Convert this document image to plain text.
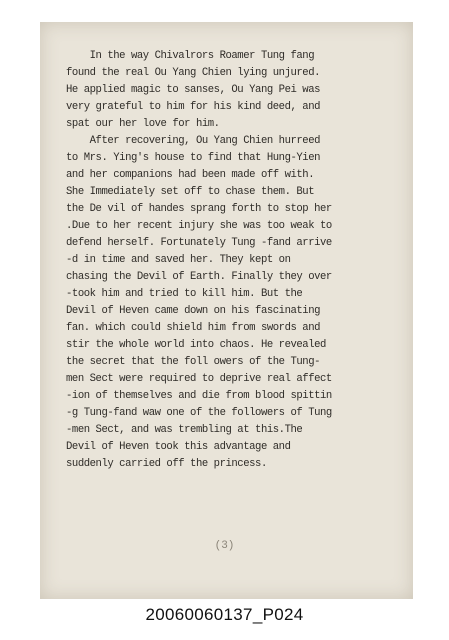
In the way Chivalrors Roamer Tung fang
found the real Ou Yang Chien lying unjured.
He applied magic to sanses, Ou Yang Pei was
very grateful to him for his kind deed, and
spat our her love for him.
After recovering, Ou Yang Chien hurreed
to Mrs. Ying's house to find that Hung-Yien
and her companions had been made off with.
She Immediately set off to chase them. But
the De vil of handes sprang forth to stop her
.Due to her recent injury she was too weak to
defend herself. Fortunately Tung -fand arrive
-d in time and saved her. They kept on
chasing the Devil of Earth. Finally they over
-took him and tried to kill him. But the
Devil of Heven came down on his fascinating
fan. which could shield him from swords and
stir the whole world into chaos. He revealed
the secret that the foll owers of the Tung-
men Sect were required to deprive real affect
-ion of themselves and die from blood spittin
-g Tung-fand waw one of the followers of Tung
-men Sect, and was trembling at this.The
Devil of Heven took this advantage and
suddenly carried off the princess.
(3)
20060060137_P024
